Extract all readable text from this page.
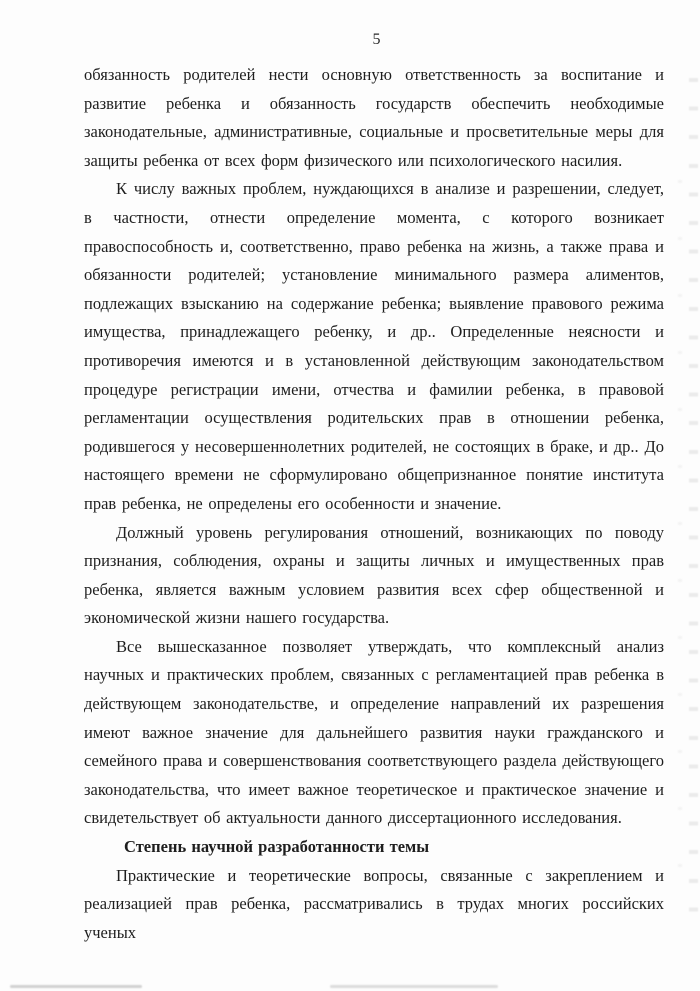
5

обязанность родителей нести основную ответственность за воспитание и развитие ребенка и обязанность государств обеспечить необходимые законодательные, административные, социальные и просветительные меры для защиты ребенка от всех форм физического или психологического насилия.

К числу важных проблем, нуждающихся в анализе и разрешении, следует, в частности, отнести определение момента, с которого возникает правоспособность и, соответственно, право ребенка на жизнь, а также права и обязанности родителей; установление минимального размера алиментов, подлежащих взысканию на содержание ребенка; выявление правового режима имущества, принадлежащего ребенку, и др.. Определенные неясности и противоречия имеются и в установленной действующим законодательством процедуре регистрации имени, отчества и фамилии ребенка, в правовой регламентации осуществления родительских прав в отношении ребенка, родившегося у несовершеннолетних родителей, не состоящих в браке, и др.. До настоящего времени не сформулировано общепризнанное понятие института прав ребенка, не определены его особенности и значение.

Должный уровень регулирования отношений, возникающих по поводу признания, соблюдения, охраны и защиты личных и имущественных прав ребенка, является важным условием развития всех сфер общественной и экономической жизни нашего государства.

Все вышесказанное позволяет утверждать, что комплексный анализ научных и практических проблем, связанных с регламентацией прав ребенка в действующем законодательстве, и определение направлений их разрешения имеют важное значение для дальнейшего развития науки гражданского и семейного права и совершенствования соответствующего раздела действующего законодательства, что имеет важное теоретическое и практическое значение и свидетельствует об актуальности данного диссертационного исследования.

Степень научной разработанности темы

Практические и теоретические вопросы, связанные с закреплением и реализацией прав ребенка, рассматривались в трудах многих российских ученых
